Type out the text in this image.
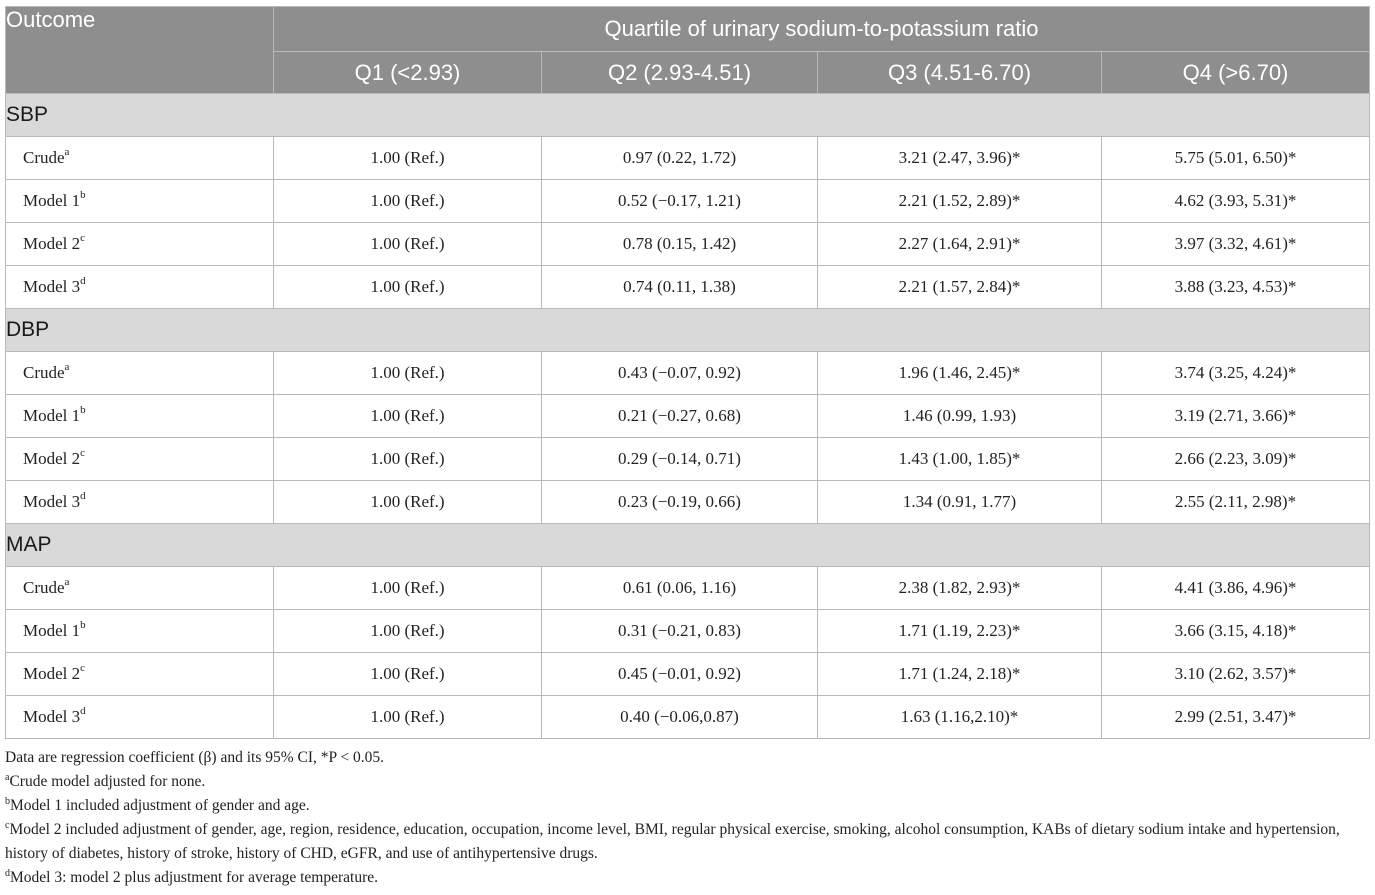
Outcome	Quartile of urinary sodium-to-potassium ratio			
	Q1 (<2.93)	Q2 (2.93-4.51)	Q3 (4.51-6.70)	Q4 (>6.70)
SBP				
Crude$^a$	1.00 (Ref.)	0.97 (0.22, 1.72)	3.21 (2.47, 3.96)*	5.75 (5.01, 6.50)*
Model 1$^b$	1.00 (Ref.)	0.52 (−0.17, 1.21)	2.21 (1.52, 2.89)*	4.62 (3.93, 5.31)*
Model 2$^c$	1.00 (Ref.)	0.78 (0.15, 1.42)	2.27 (1.64, 2.91)*	3.97 (3.32, 4.61)*
Model 3$^d$	1.00 (Ref.)	0.74 (0.11, 1.38)	2.21 (1.57, 2.84)*	3.88 (3.23, 4.53)*
DBP				
Crude$^a$	1.00 (Ref.)	0.43 (−0.07, 0.92)	1.96 (1.46, 2.45)*	3.74 (3.25, 4.24)*
Model 1$^b$	1.00 (Ref.)	0.21 (−0.27, 0.68)	1.46 (0.99, 1.93)	3.19 (2.71, 3.66)*
Model 2$^c$	1.00 (Ref.)	0.29 (−0.14, 0.71)	1.43 (1.00, 1.85)*	2.66 (2.23, 3.09)*
Model 3$^d$	1.00 (Ref.)	0.23 (−0.19, 0.66)	1.34 (0.91, 1.77)	2.55 (2.11, 2.98)*
MAP				
Crude$^a$	1.00 (Ref.)	0.61 (0.06, 1.16)	2.38 (1.82, 2.93)*	4.41 (3.86, 4.96)*
Model 1$^b$	1.00 (Ref.)	0.31 (−0.21, 0.83)	1.71 (1.19, 2.23)*	3.66 (3.15, 4.18)*
Model 2$^c$	1.00 (Ref.)	0.45 (−0.01, 0.92)	1.71 (1.24, 2.18)*	3.10 (2.62, 3.57)*
Model 3$^d$	1.00 (Ref.)	0.40 (−0.06,0.87)	1.63 (1.16,2.10)*	2.99 (2.51, 3.47)*
Data are regression coefficient (β) and its 95% CI, *P < 0.05.
$^a$Crude model adjusted for none.
$^b$Model 1 included adjustment of gender and age.
$^c$Model 2 included adjustment of gender, age, region, residence, education, occupation, income level, BMI, regular physical exercise, smoking, alcohol consumption, KABs of dietary sodium intake and hypertension, history of diabetes, history of stroke, history of CHD, eGFR, and use of antihypertensive drugs.
$^d$Model 3: model 2 plus adjustment for average temperature.
